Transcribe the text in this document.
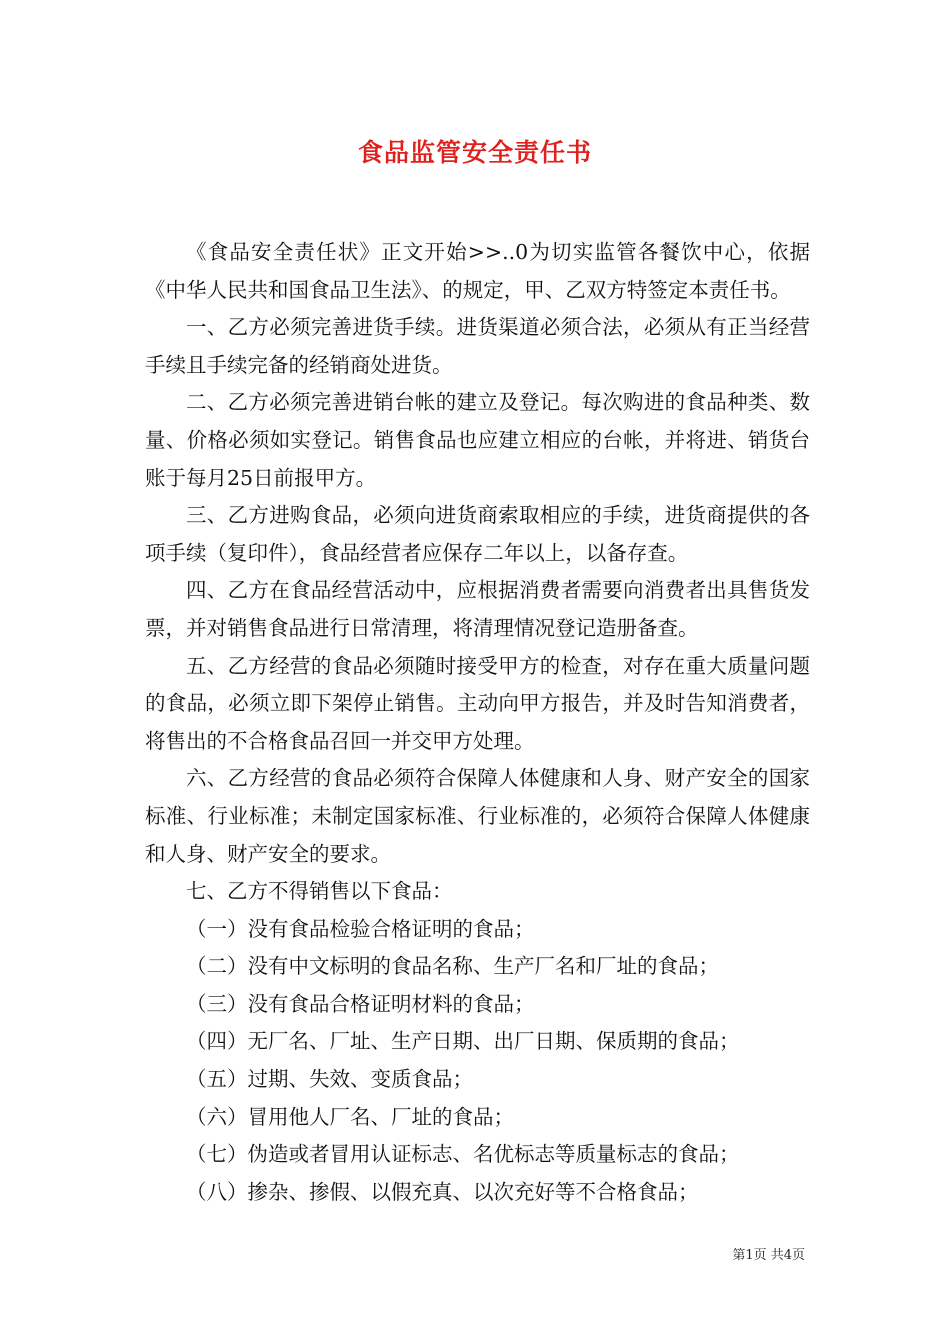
食品监管安全责任书

《食品安全责任状》正文开始>>..0为切实监管各餐饮中心，依据《中华人民共和国食品卫生法》、的规定，甲、乙双方特签定本责任书。

一、乙方必须完善进货手续。进货渠道必须合法，必须从有正当经营手续且手续完备的经销商处进货。

二、乙方必须完善进销台帐的建立及登记。每次购进的食品种类、数量、价格必须如实登记。销售食品也应建立相应的台帐，并将进、销货台账于每月25日前报甲方。

三、乙方进购食品，必须向进货商索取相应的手续，进货商提供的各项手续（复印件），食品经营者应保存二年以上，以备存查。

四、乙方在食品经营活动中，应根据消费者需要向消费者出具售货发票，并对销售食品进行日常清理，将清理情况登记造册备查。

五、乙方经营的食品必须随时接受甲方的检查，对存在重大质量问题的食品，必须立即下架停止销售。主动向甲方报告，并及时告知消费者，将售出的不合格食品召回一并交甲方处理。

六、乙方经营的食品必须符合保障人体健康和人身、财产安全的国家标准、行业标准；未制定国家标准、行业标准的，必须符合保障人体健康和人身、财产安全的要求。

七、乙方不得销售以下食品：

（一）没有食品检验合格证明的食品；

（二）没有中文标明的食品名称、生产厂名和厂址的食品；

（三）没有食品合格证明材料的食品；

（四）无厂名、厂址、生产日期、出厂日期、保质期的食品；

（五）过期、失效、变质食品；

（六）冒用他人厂名、厂址的食品；

（七）伪造或者冒用认证标志、名优标志等质量标志的食品；

（八）掺杂、掺假、以假充真、以次充好等不合格食品；

第1页 共4页
